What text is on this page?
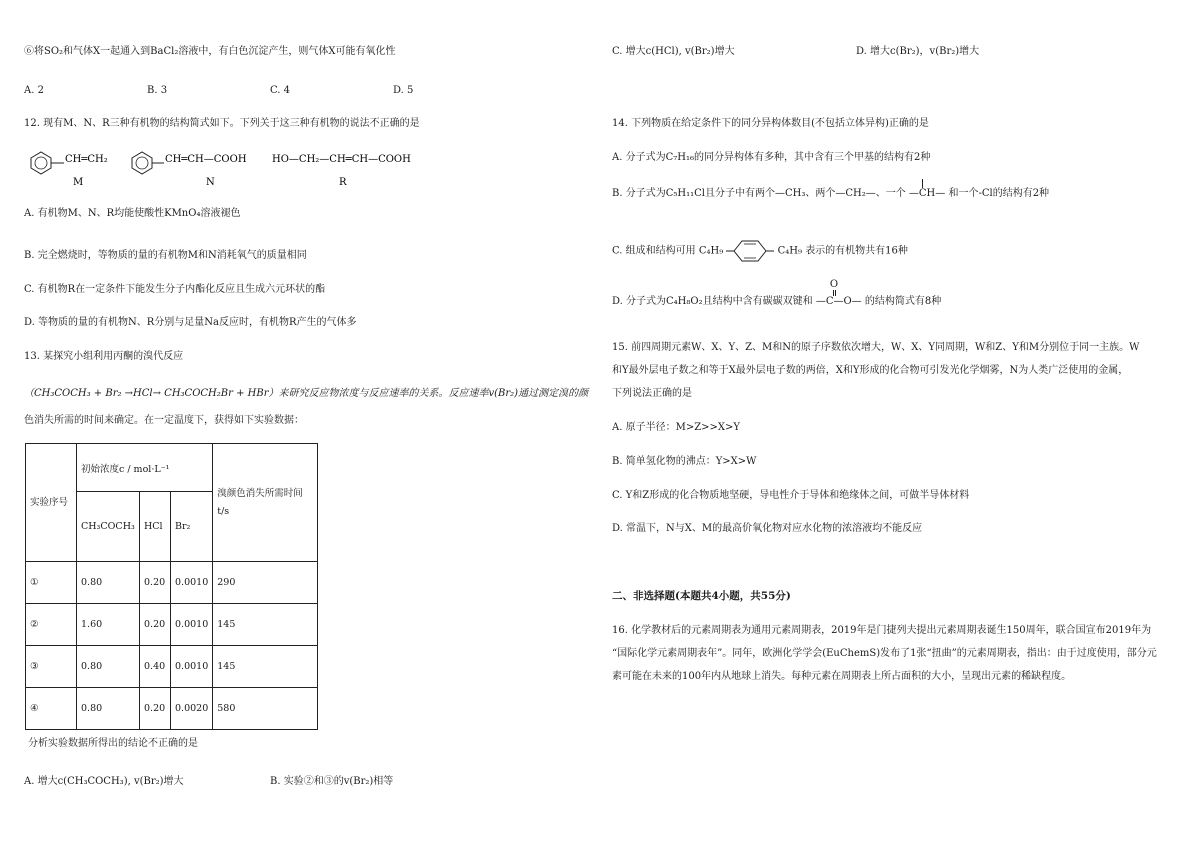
⑥将SO₂和气体X一起通入到BaCl₂溶液中，有白色沉淀产生，则气体X可能有氧化性
A. 2	B. 3	C. 4	D. 5
12. 现有M、N、R三种有机物的结构简式如下。下列关于这三种有机物的说法不正确的是
CH═CH₂
M
CH═CH—COOH
N
HO—CH₂—CH═CH—COOH
R
A. 有机物M、N、R均能使酸性KMnO₄溶液褪色
B. 完全燃烧时，等物质的量的有机物M和N消耗氧气的质量相同
C. 有机物R在一定条件下能发生分子内酯化反应且生成六元环状的酯
D. 等物质的量的有机物N、R分别与足量Na反应时，有机物R产生的气体多
13. 某探究小组利用丙酮的溴代反应
（CH₃COCH₃ + Br₂ →HCl→ CH₃COCH₂Br + HBr）来研究反应物浓度与反应速率的关系。反应速率v(Br₂)通过测定溴的颜
色消失所需的时间来确定。在一定温度下，获得如下实验数据：
实验序号	初始浓度c / mol·L⁻¹			溴颜色消失所需时间t/s
	CH₃COCH₃	HCl	Br₂	
①	0.80	0.20	0.0010	290
②	1.60	0.20	0.0010	145
③	0.80	0.40	0.0010	145
④	0.80	0.20	0.0020	580
分析实验数据所得出的结论不正确的是
A. 增大c(CH₃COCH₃), v(Br₂)增大	B. 实验②和③的v(Br₂)相等
C. 增大c(HCl), v(Br₂)增大	D. 增大c(Br₂)，v(Br₂)增大
14. 下列物质在给定条件下的同分异构体数目(不包括立体异构)正确的是
A. 分子式为C₇H₁₆的同分异构体有多种，其中含有三个甲基的结构有2种
B. 分子式为C₅H₁₁Cl且分子中有两个—CH₃、两个—CH₂—、一个 —CH— 和一个-Cl的结构有2种
C. 组成和结构可用 C₄H₉	C₄H₉ 表示的有机物共有16种
D. 分子式为C₄H₈O₂且结构中含有碳碳双键和
O
—C—O— 的结构简式有8种
15. 前四周期元素W、X、Y、Z、M和N的原子序数依次增大，W、X、Y同周期，W和Z、Y和M分别位于同一主族。W
和Y最外层电子数之和等于X最外层电子数的两倍，X和Y形成的化合物可引发光化学烟雾，N为人类广泛使用的金属，
下列说法正确的是
A. 原子半径：M>Z>>X>Y
B. 简单氢化物的沸点：Y>X>W
C. Y和Z形成的化合物质地坚硬，导电性介于导体和绝缘体之间，可做半导体材料
D. 常温下，N与X、M的最高价氧化物对应水化物的浓溶液均不能反应
二、非选择题(本题共4小题，共55分)
16. 化学教材后的元素周期表为通用元素周期表，2019年是门捷列夫提出元素周期表诞生150周年，联合国宣布2019年为
“国际化学元素周期表年”。同年，欧洲化学学会(EuChemS)发布了1张“扭曲”的元素周期表，指出：由于过度使用，部分元
素可能在未来的100年内从地球上消失。每种元素在周期表上所占面积的大小，呈现出元素的稀缺程度。
